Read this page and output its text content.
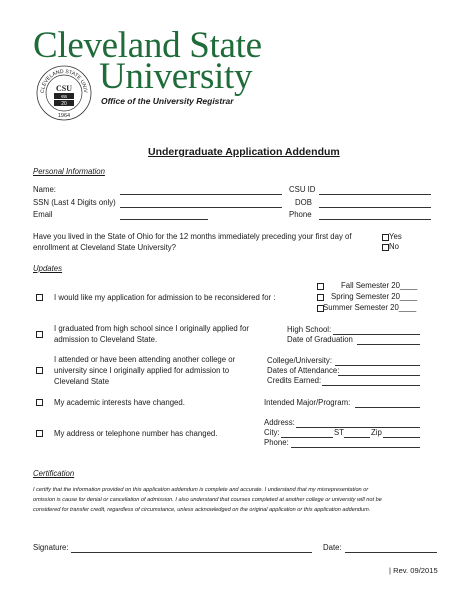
Cleveland State
University
CLEVELAND STATE UNIV
1964
CSU
ea
20	Office of the University Registrar
Undergraduate Application Addendum
Personal Information
Name:	CSU ID
SSN (Last 4 Digits only)	DOB
Email	Phone
Have you lived in the State of Ohio for the 12 months immediately preceding your first day of
enrollment at Cleveland State University?
Yes
No
Updates
I would like my application for admission to be reconsidered for :
Fall Semester 20____
Spring Semester 20____
Summer Semester 20____
I graduated from high school since I originally applied for
admission to Cleveland State.
High School:
Date of Graduation
I attended or have been attending another college or
university since I originally applied for admission to
Cleveland State
College/University:
Dates of Attendance:
Credits Earned:
My academic interests have changed.	Intended Major/Program:
My address or telephone number has changed.
Address:
City:	ST	Zip
Phone:
Certification
I certify that the information provided on this application addendum is complete and accurate. I understand that my misrepresentation or
omission is cause for denial or cancellation of admission. I also understand that courses completed at another college or university will not be
considered for transfer credit, regardless of circumstance, unless acknowledged on the original application or this application addendum.
Signature:	Date:
| Rev. 09/2015
